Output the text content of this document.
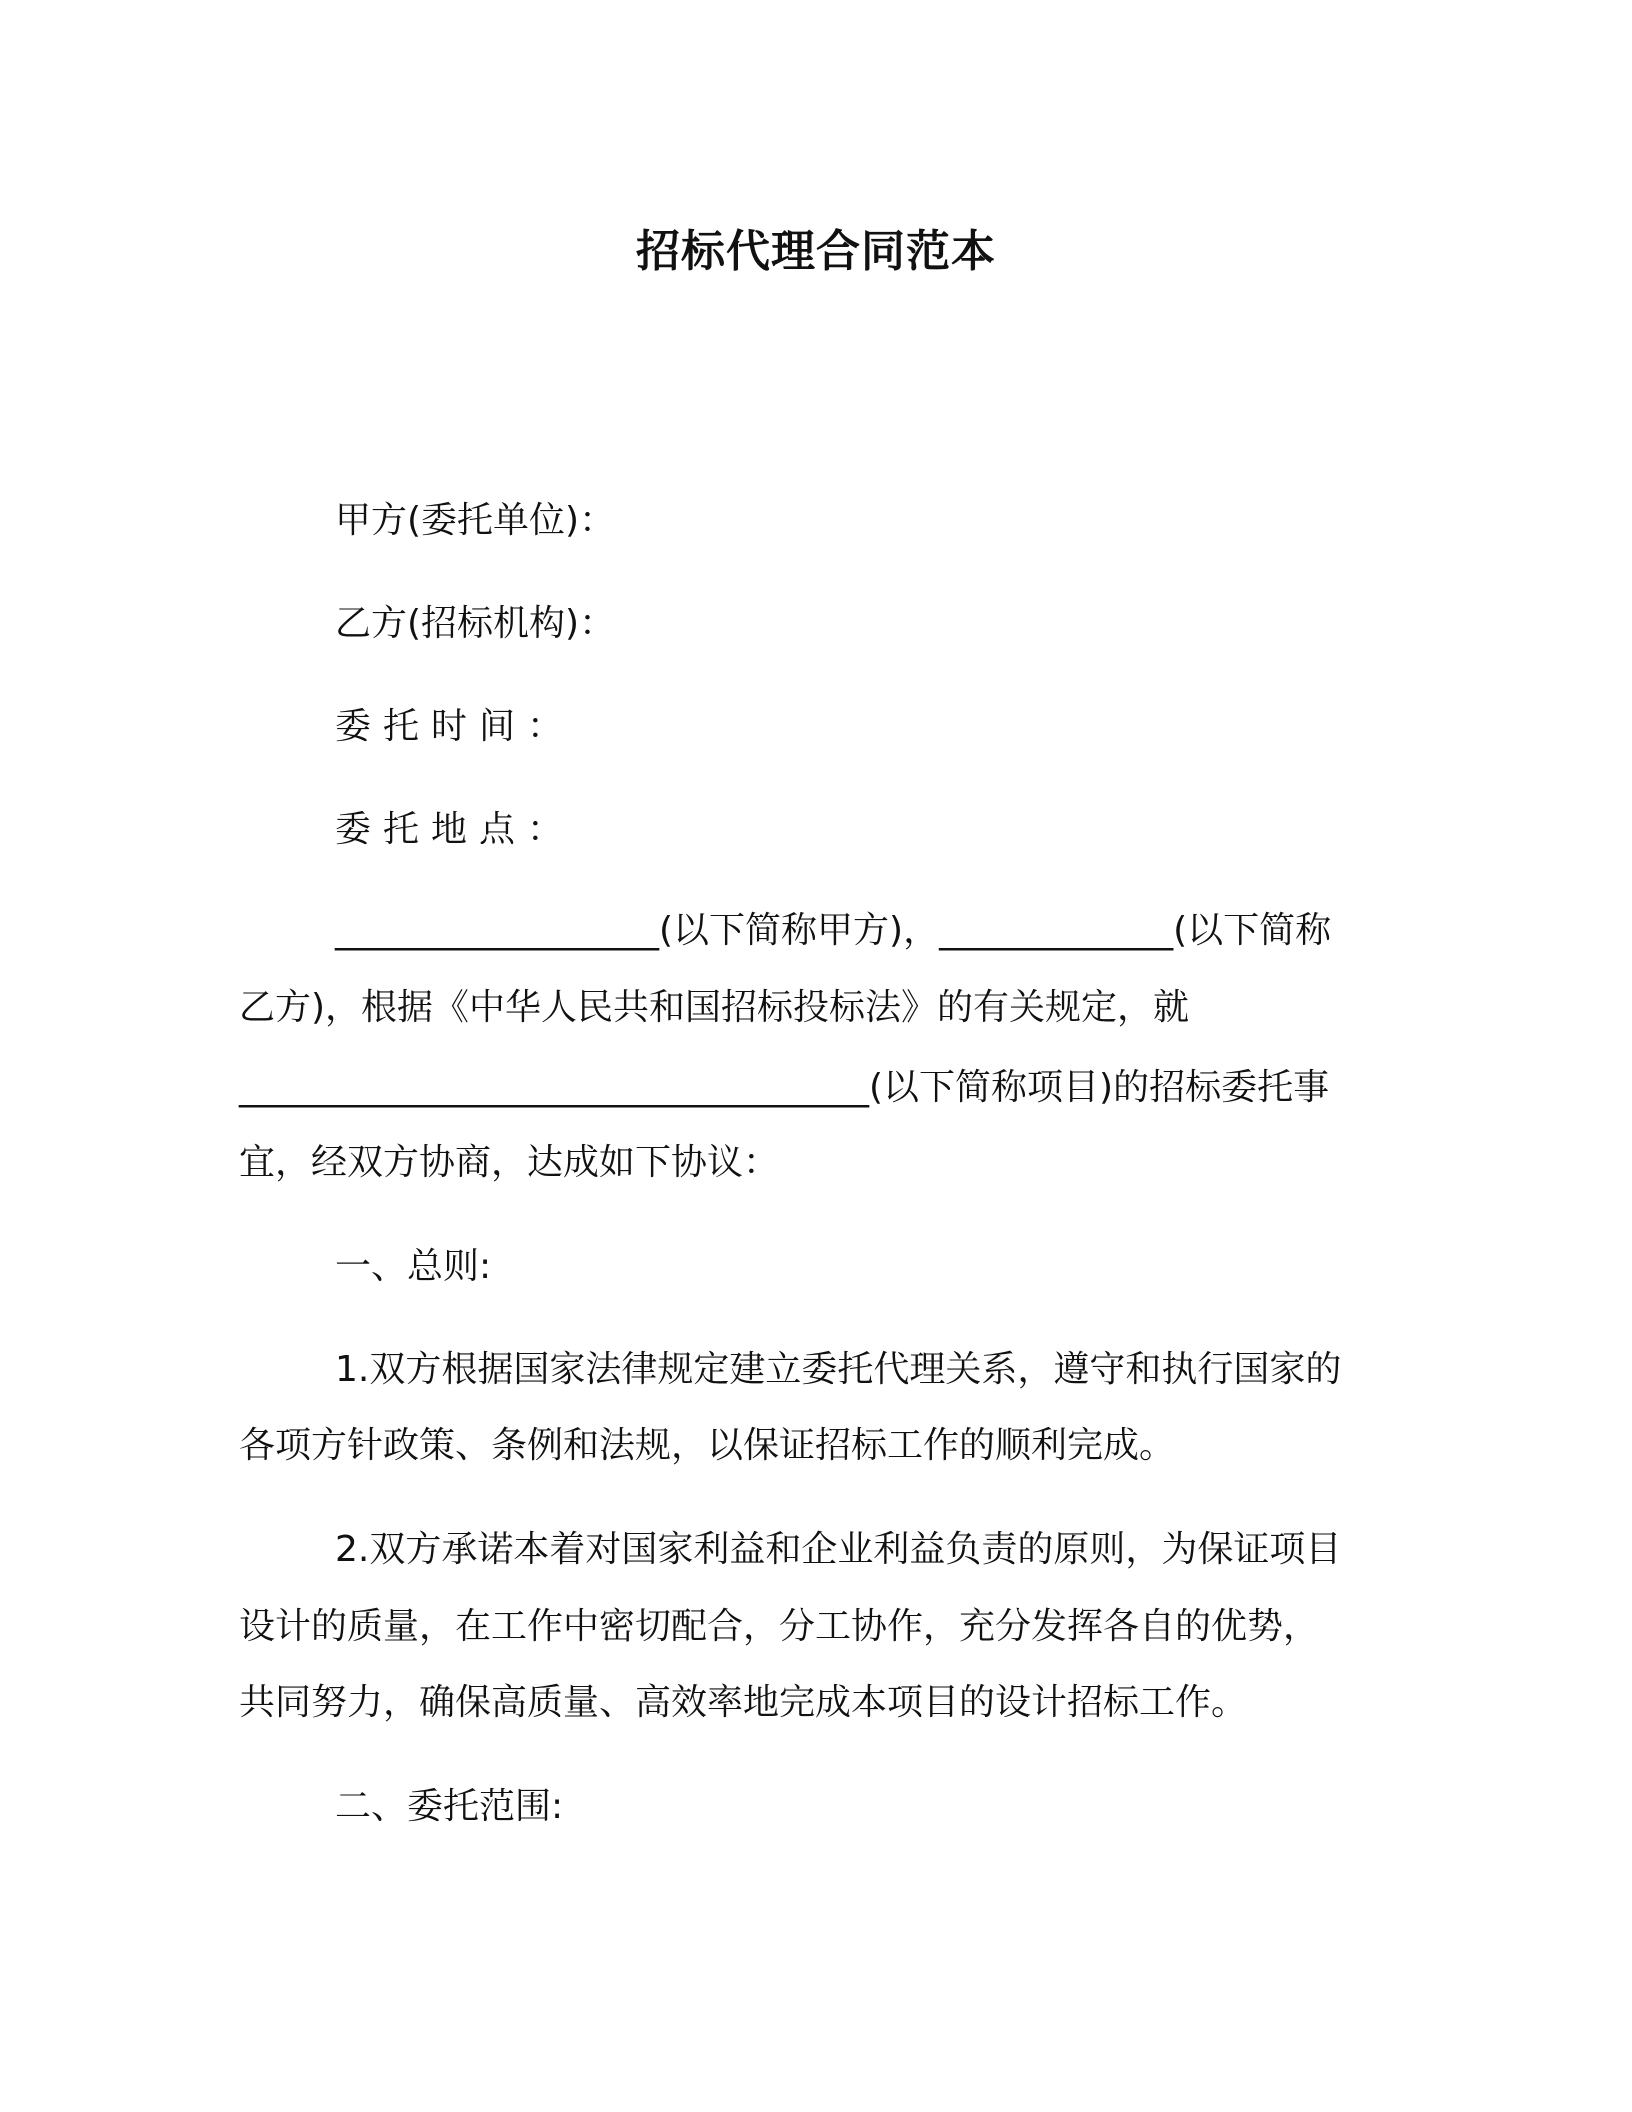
招标代理合同范本
甲方(委托单位)：
乙方(招标机构)：
委托时间：
委托地点：
__________________(以下简称甲方)，_____________(以下简称
乙方)，根据《中华人民共和国招标投标法》的有关规定，就
___________________________________(以下简称项目)的招标委托事
宜，经双方协商，达成如下协议：
一、总则:
1.双方根据国家法律规定建立委托代理关系，遵守和执行国家的
各项方针政策、条例和法规，以保证招标工作的顺利完成。
2.双方承诺本着对国家利益和企业利益负责的原则，为保证项目
设计的质量，在工作中密切配合，分工协作，充分发挥各自的优势，
共同努力，确保高质量、高效率地完成本项目的设计招标工作。
二、委托范围:
